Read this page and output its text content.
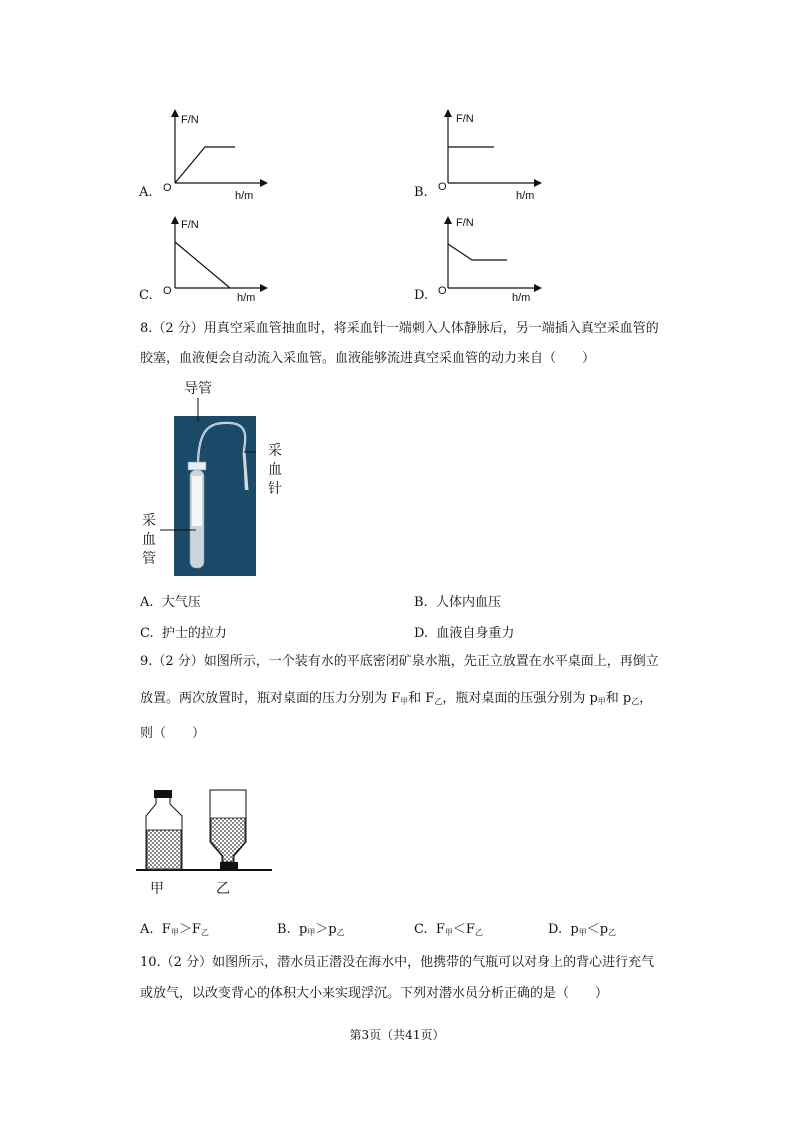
F/N
O
h/m
A.
F/N
O
h/m
B.
F/N
O
h/m
C.
F/N
O
h/m
D.
8.（2 分）用真空采血管抽血时，将采血针一端刺入人体静脉后，另一端插入真空采血管的
胶塞，血液便会自动流入采血管。血液能够流进真空采血管的动力来自（　　）
导管
采
血
针
采
血
管
A. 大气压	B. 人体内血压
C. 护士的拉力	D. 血液自身重力
9.（2 分）如图所示，一个装有水的平底密闭矿泉水瓶，先正立放置在水平桌面上，再倒立
放置。两次放置时，瓶对桌面的压力分别为 $F_甲$和 $F_乙$，瓶对桌面的压强分别为 $p_甲$和 $p_乙$，
则（　　）
甲	乙
A. $F_甲>F_乙$	B. $p_甲>p_乙$	C. $F_甲<F_乙$	D. $p_甲<p_乙$
10.（2 分）如图所示，潜水员正潜没在海水中，他携带的气瓶可以对身上的背心进行充气
或放气，以改变背心的体积大小来实现浮沉。下列对潜水员分析正确的是（　　）
第3页（共41页）
